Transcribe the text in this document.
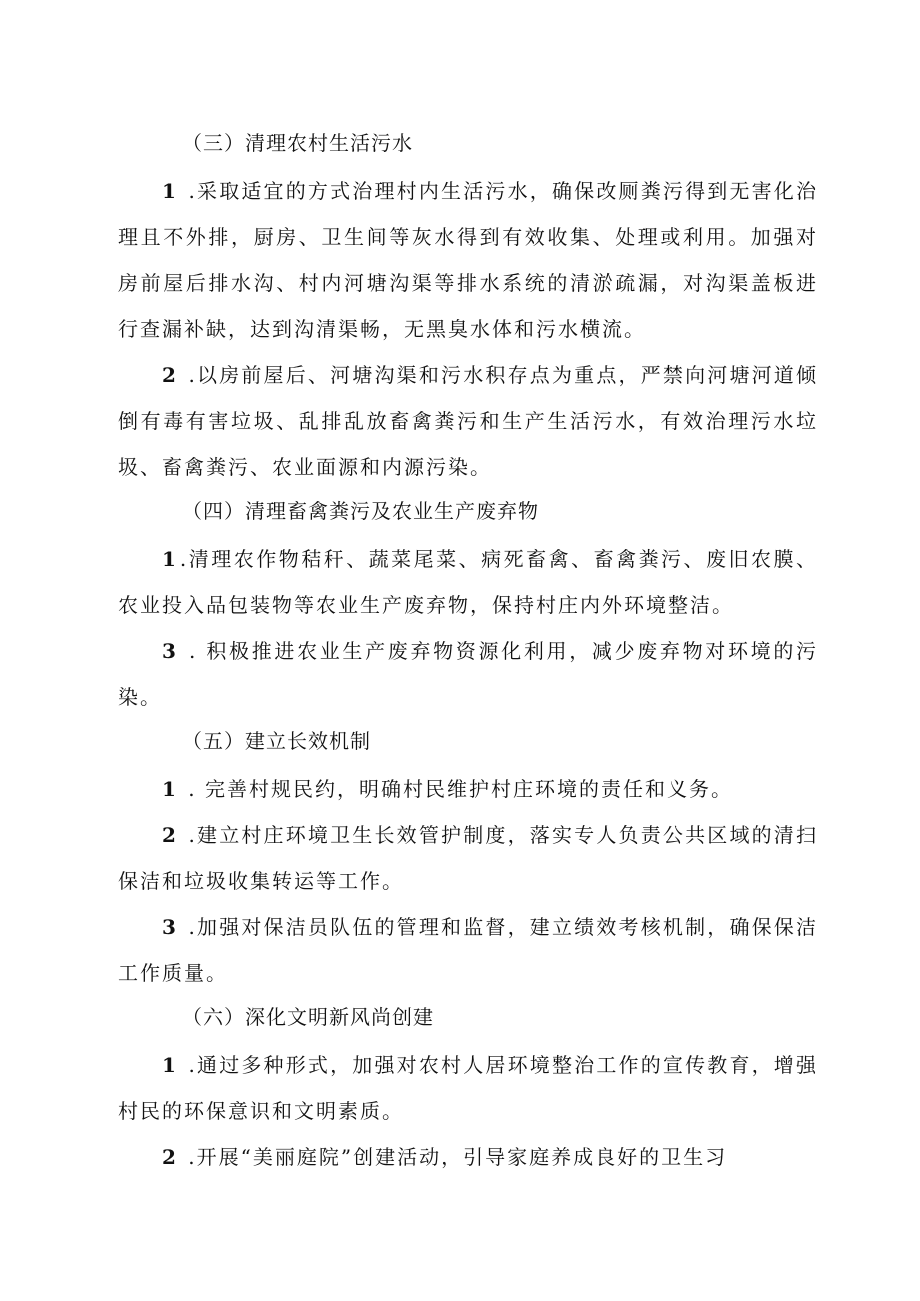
（三）清理农村生活污水

1 .采取适宜的方式治理村内生活污水，确保改厕粪污得到无害化治理且不外排，厨房、卫生间等灰水得到有效收集、处理或利用。加强对房前屋后排水沟、村内河塘沟渠等排水系统的清淤疏漏，对沟渠盖板进行查漏补缺，达到沟清渠畅，无黑臭水体和污水横流。

2 .以房前屋后、河塘沟渠和污水积存点为重点，严禁向河塘河道倾倒有毒有害垃圾、乱排乱放畜禽粪污和生产生活污水，有效治理污水垃圾、畜禽粪污、农业面源和内源污染。

（四）清理畜禽粪污及农业生产废弃物

1.清理农作物秸秆、蔬菜尾菜、病死畜禽、畜禽粪污、废旧农膜、农业投入品包装物等农业生产废弃物，保持村庄内外环境整洁。

3 . 积极推进农业生产废弃物资源化利用，减少废弃物对环境的污染。

（五）建立长效机制

1 . 完善村规民约，明确村民维护村庄环境的责任和义务。

2 .建立村庄环境卫生长效管护制度，落实专人负责公共区域的清扫保洁和垃圾收集转运等工作。

3 .加强对保洁员队伍的管理和监督，建立绩效考核机制，确保保洁工作质量。

（六）深化文明新风尚创建

1 .通过多种形式，加强对农村人居环境整治工作的宣传教育，增强村民的环保意识和文明素质。

2 .开展“美丽庭院”创建活动，引导家庭养成良好的卫生习
